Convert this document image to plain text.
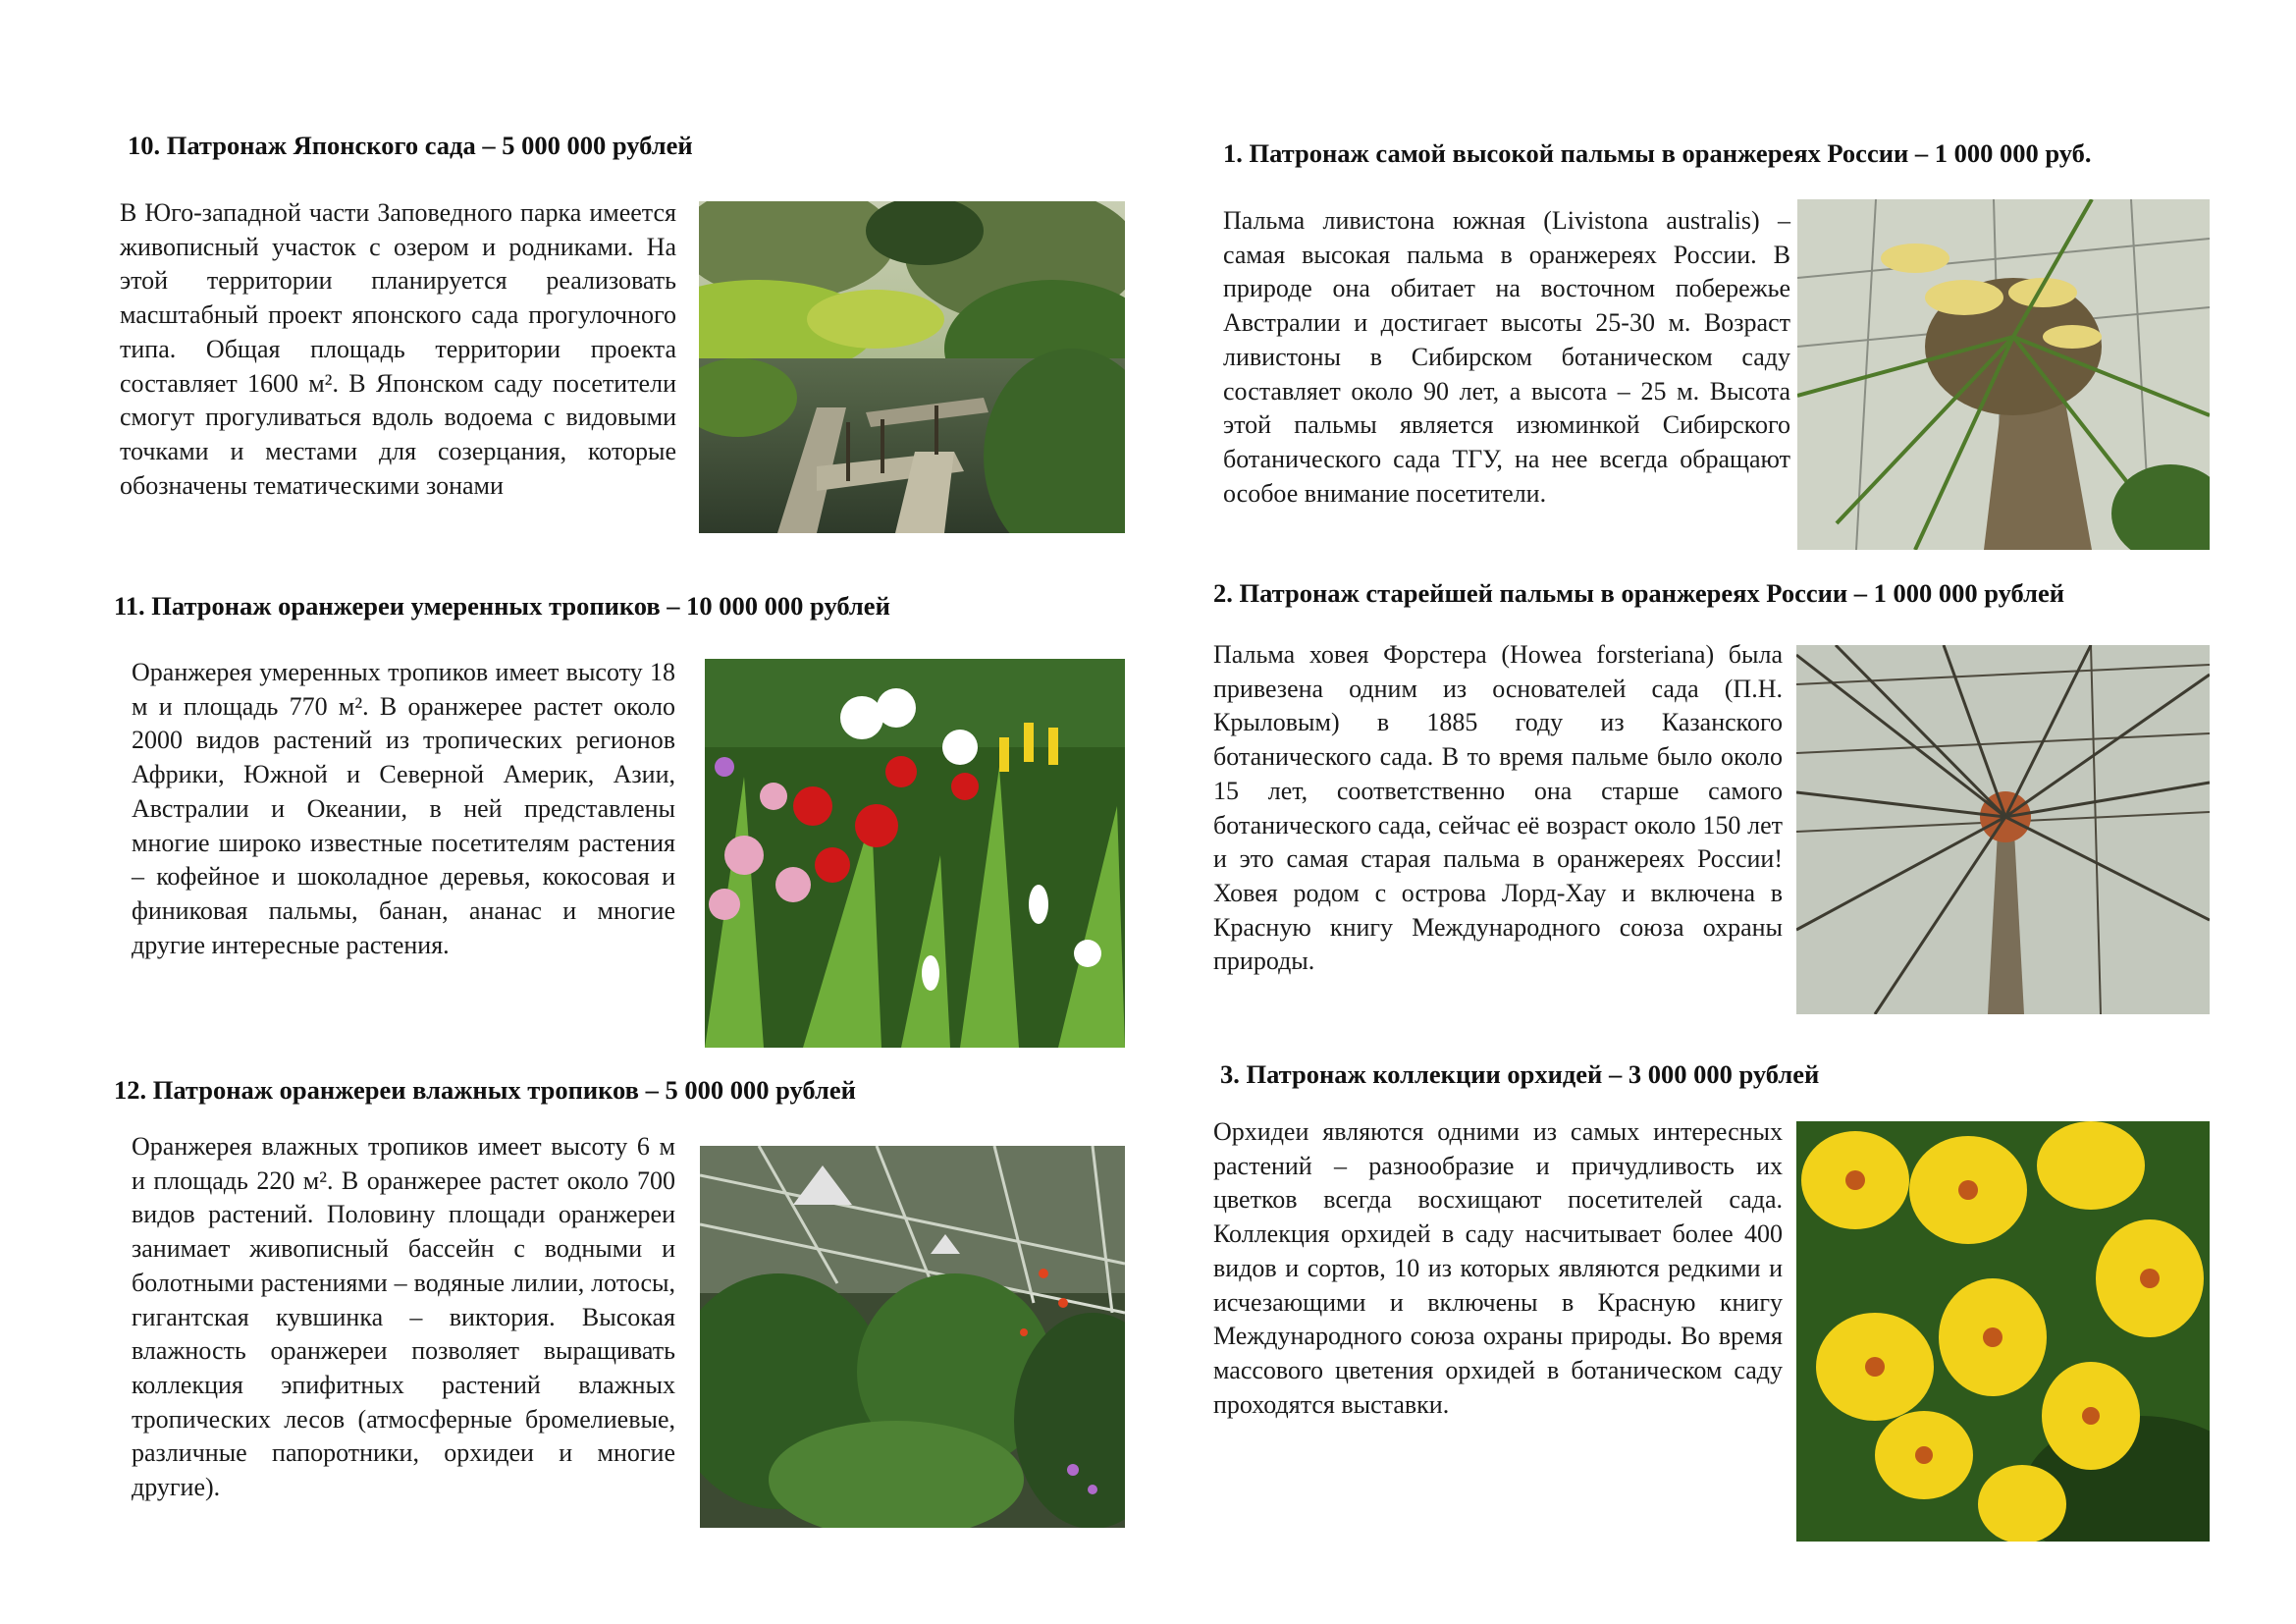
10. Патронаж Японского сада – 5 000 000 рублей

В Юго-западной части Заповедного парка имеется живописный участок с озером и родниками. На этой территории планируется реализовать масштабный проект японского сада прогулочного типа. Общая площадь территории проекта составляет 1600 м². В Японском саду посетители смогут прогуливаться вдоль водоема с видовыми точками и местами для созерцания, которые обозначены тематическими зонами

11. Патронаж оранжереи умеренных тропиков – 10 000 000 рублей

Оранжерея умеренных тропиков имеет высоту 18 м и площадь 770 м². В оранжерее растет около 2000 видов растений из тропических регионов Африки, Южной и Северной Америк, Азии, Австралии и Океании, в ней представлены многие широко известные посетителям растения – кофейное и шоколадное деревья, кокосовая и финиковая пальмы, банан, ананас и многие другие интересные растения.

12. Патронаж оранжереи влажных тропиков – 5 000 000 рублей

Оранжерея влажных тропиков имеет высоту 6 м и площадь 220 м². В оранжерее растет около 700 видов растений. Половину площади оранжереи занимает живописный бассейн с водными и болотными растениями – водяные лилии, лотосы, гигантская кувшинка – виктория. Высокая влажность оранжереи позволяет выращивать коллекция эпифитных растений влажных тропических лесов (атмосферные бромелиевые, различные папоротники, орхидеи и многие другие).

1. Патронаж самой высокой пальмы в оранжереях России – 1 000 000 руб.

Пальма ливистона южная (Livistona australis) – самая высокая пальма в оранжереях России. В природе она обитает на восточном побережье Австралии и достигает высоты 25-30 м. Возраст ливистоны в Сибирском ботаническом саду составляет около 90 лет, а высота – 25 м. Высота этой пальмы является изюминкой Сибирского ботанического сада ТГУ, на нее всегда обращают особое внимание посетители.

2. Патронаж старейшей пальмы в оранжереях России – 1 000 000 рублей

Пальма ховея Форстера (Howea forsteriana) была привезена одним из основателей сада (П.Н. Крыловым) в 1885 году из Казанского ботанического сада. В то время пальме было около 15 лет, соответственно она старше самого ботанического сада, сейчас её возраст около 150 лет и это самая старая пальма в оранжереях России! Ховея родом с острова Лорд-Хау и включена в Красную книгу Международного союза охраны природы.

3. Патронаж коллекции орхидей – 3 000 000 рублей

Орхидеи являются одними из самых интересных растений – разнообразие и причудливость их цветков всегда восхищают посетителей сада. Коллекция орхидей в саду насчитывает более 400 видов и сортов, 10 из которых являются редкими и исчезающими и включены в Красную книгу Международного союза охраны природы. Во время массового цветения орхидей в ботаническом саду проходятся выставки.
